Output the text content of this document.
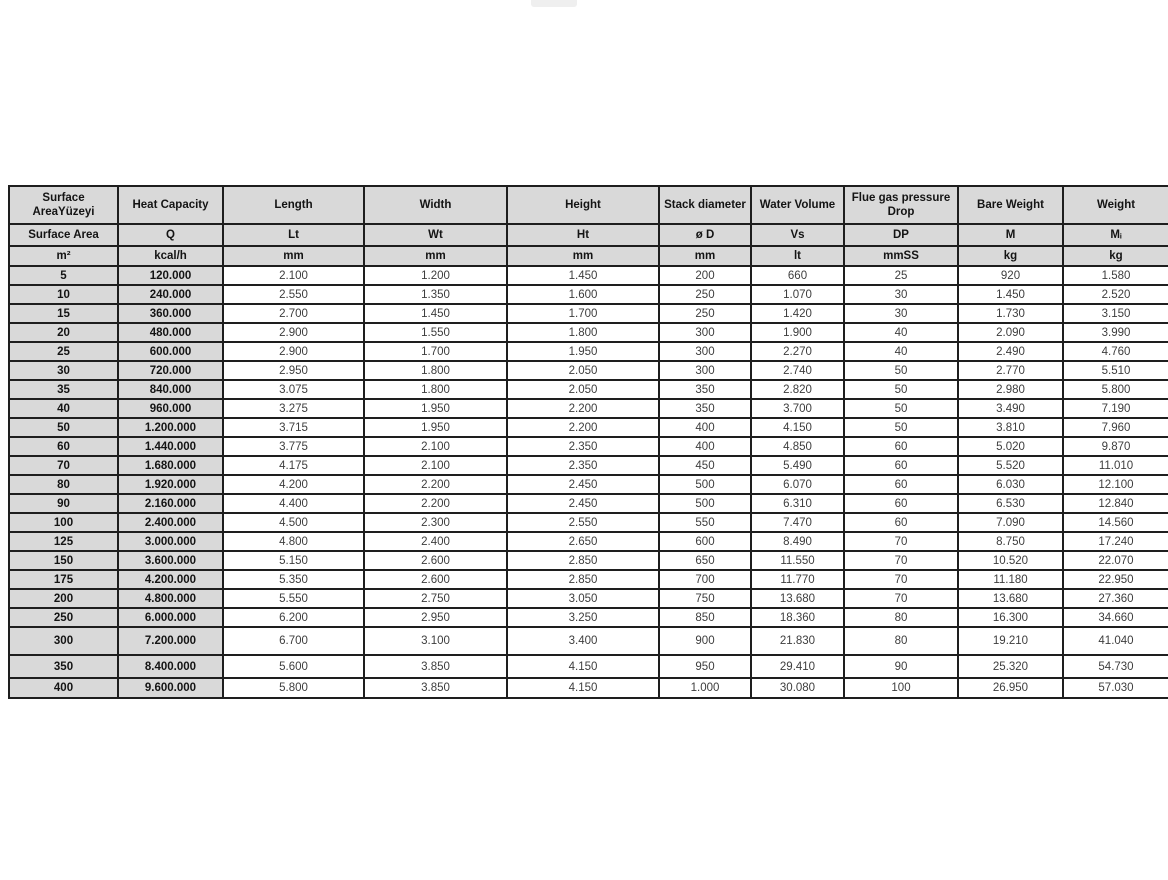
Surface AreaYüzeyi	Heat Capacity	Length	Width	Height	Stack diameter	Water Volume	Flue gas pressure Drop	Bare Weight	Weight
Surface Area	Q	Lt	Wt	Ht	ø D	Vs	DP	M	Mᵢ
m²	kcal/h	mm	mm	mm	mm	lt	mmSS	kg	kg
5	120.000	2.100	1.200	1.450	200	660	25	920	1.580
10	240.000	2.550	1.350	1.600	250	1.070	30	1.450	2.520
15	360.000	2.700	1.450	1.700	250	1.420	30	1.730	3.150
20	480.000	2.900	1.550	1.800	300	1.900	40	2.090	3.990
25	600.000	2.900	1.700	1.950	300	2.270	40	2.490	4.760
30	720.000	2.950	1.800	2.050	300	2.740	50	2.770	5.510
35	840.000	3.075	1.800	2.050	350	2.820	50	2.980	5.800
40	960.000	3.275	1.950	2.200	350	3.700	50	3.490	7.190
50	1.200.000	3.715	1.950	2.200	400	4.150	50	3.810	7.960
60	1.440.000	3.775	2.100	2.350	400	4.850	60	5.020	9.870
70	1.680.000	4.175	2.100	2.350	450	5.490	60	5.520	11.010
80	1.920.000	4.200	2.200	2.450	500	6.070	60	6.030	12.100
90	2.160.000	4.400	2.200	2.450	500	6.310	60	6.530	12.840
100	2.400.000	4.500	2.300	2.550	550	7.470	60	7.090	14.560
125	3.000.000	4.800	2.400	2.650	600	8.490	70	8.750	17.240
150	3.600.000	5.150	2.600	2.850	650	11.550	70	10.520	22.070
175	4.200.000	5.350	2.600	2.850	700	11.770	70	11.180	22.950
200	4.800.000	5.550	2.750	3.050	750	13.680	70	13.680	27.360
250	6.000.000	6.200	2.950	3.250	850	18.360	80	16.300	34.660
300	7.200.000	6.700	3.100	3.400	900	21.830	80	19.210	41.040
350	8.400.000	5.600	3.850	4.150	950	29.410	90	25.320	54.730
400	9.600.000	5.800	3.850	4.150	1.000	30.080	100	26.950	57.030
